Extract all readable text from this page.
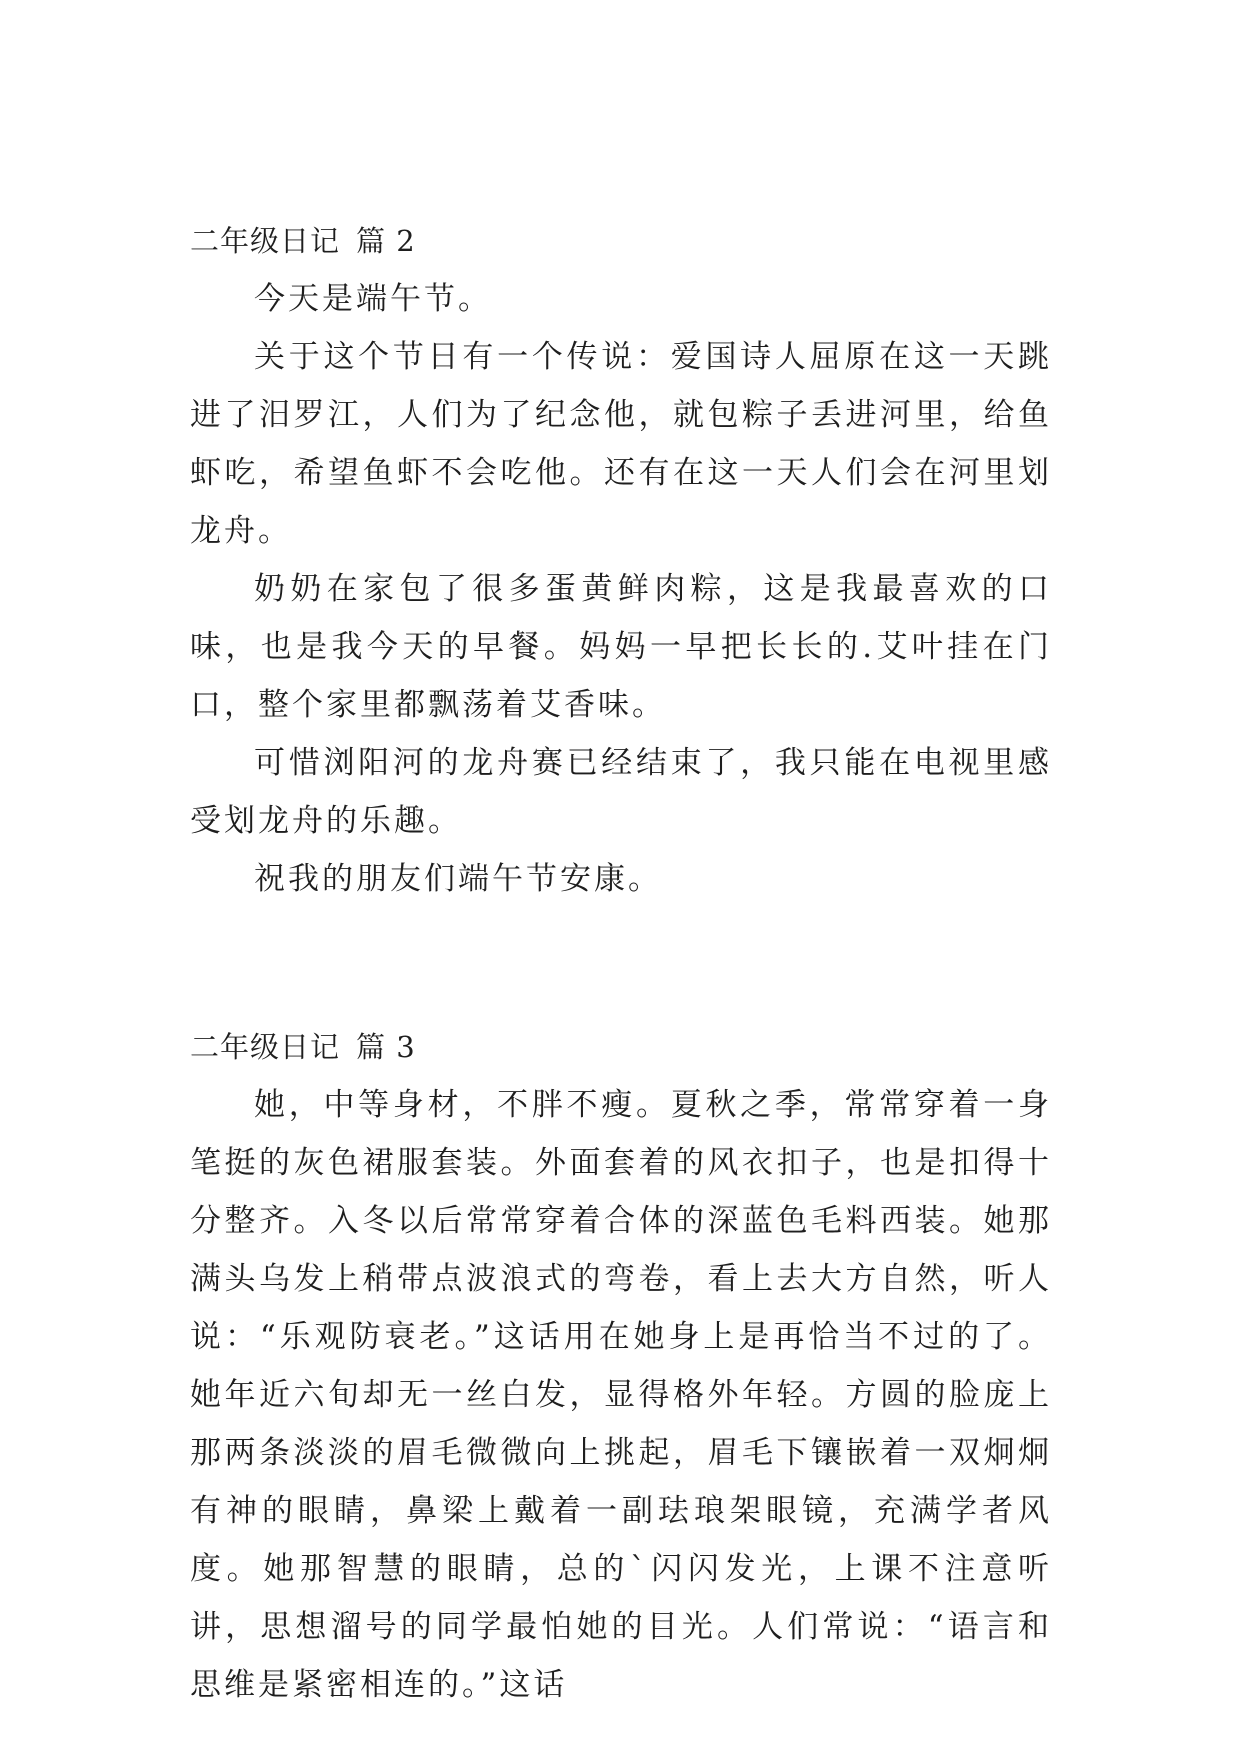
二年级日记 篇 2

今天是端午节。

关于这个节日有一个传说：爱国诗人屈原在这一天跳进了汨罗江，人们为了纪念他，就包粽子丢进河里，给鱼虾吃，希望鱼虾不会吃他。还有在这一天人们会在河里划龙舟。

奶奶在家包了很多蛋黄鲜肉粽，这是我最喜欢的口味，也是我今天的早餐。妈妈一早把长长的.艾叶挂在门口，整个家里都飘荡着艾香味。

可惜浏阳河的龙舟赛已经结束了，我只能在电视里感受划龙舟的乐趣。

祝我的朋友们端午节安康。

二年级日记 篇 3

她，中等身材，不胖不瘦。夏秋之季，常常穿着一身笔挺的灰色裙服套装。外面套着的风衣扣子，也是扣得十分整齐。入冬以后常常穿着合体的深蓝色毛料西装。她那满头乌发上稍带点波浪式的弯卷，看上去大方自然，听人说：“乐观防衰老。”这话用在她身上是再恰当不过的了。她年近六旬却无一丝白发，显得格外年轻。方圆的脸庞上那两条淡淡的眉毛微微向上挑起，眉毛下镶嵌着一双炯炯有神的眼睛，鼻梁上戴着一副珐琅架眼镜，充满学者风度。她那智慧的眼睛，总的`闪闪发光，上课不注意听讲，思想溜号的同学最怕她的目光。人们常说：“语言和思维是紧密相连的。”这话
